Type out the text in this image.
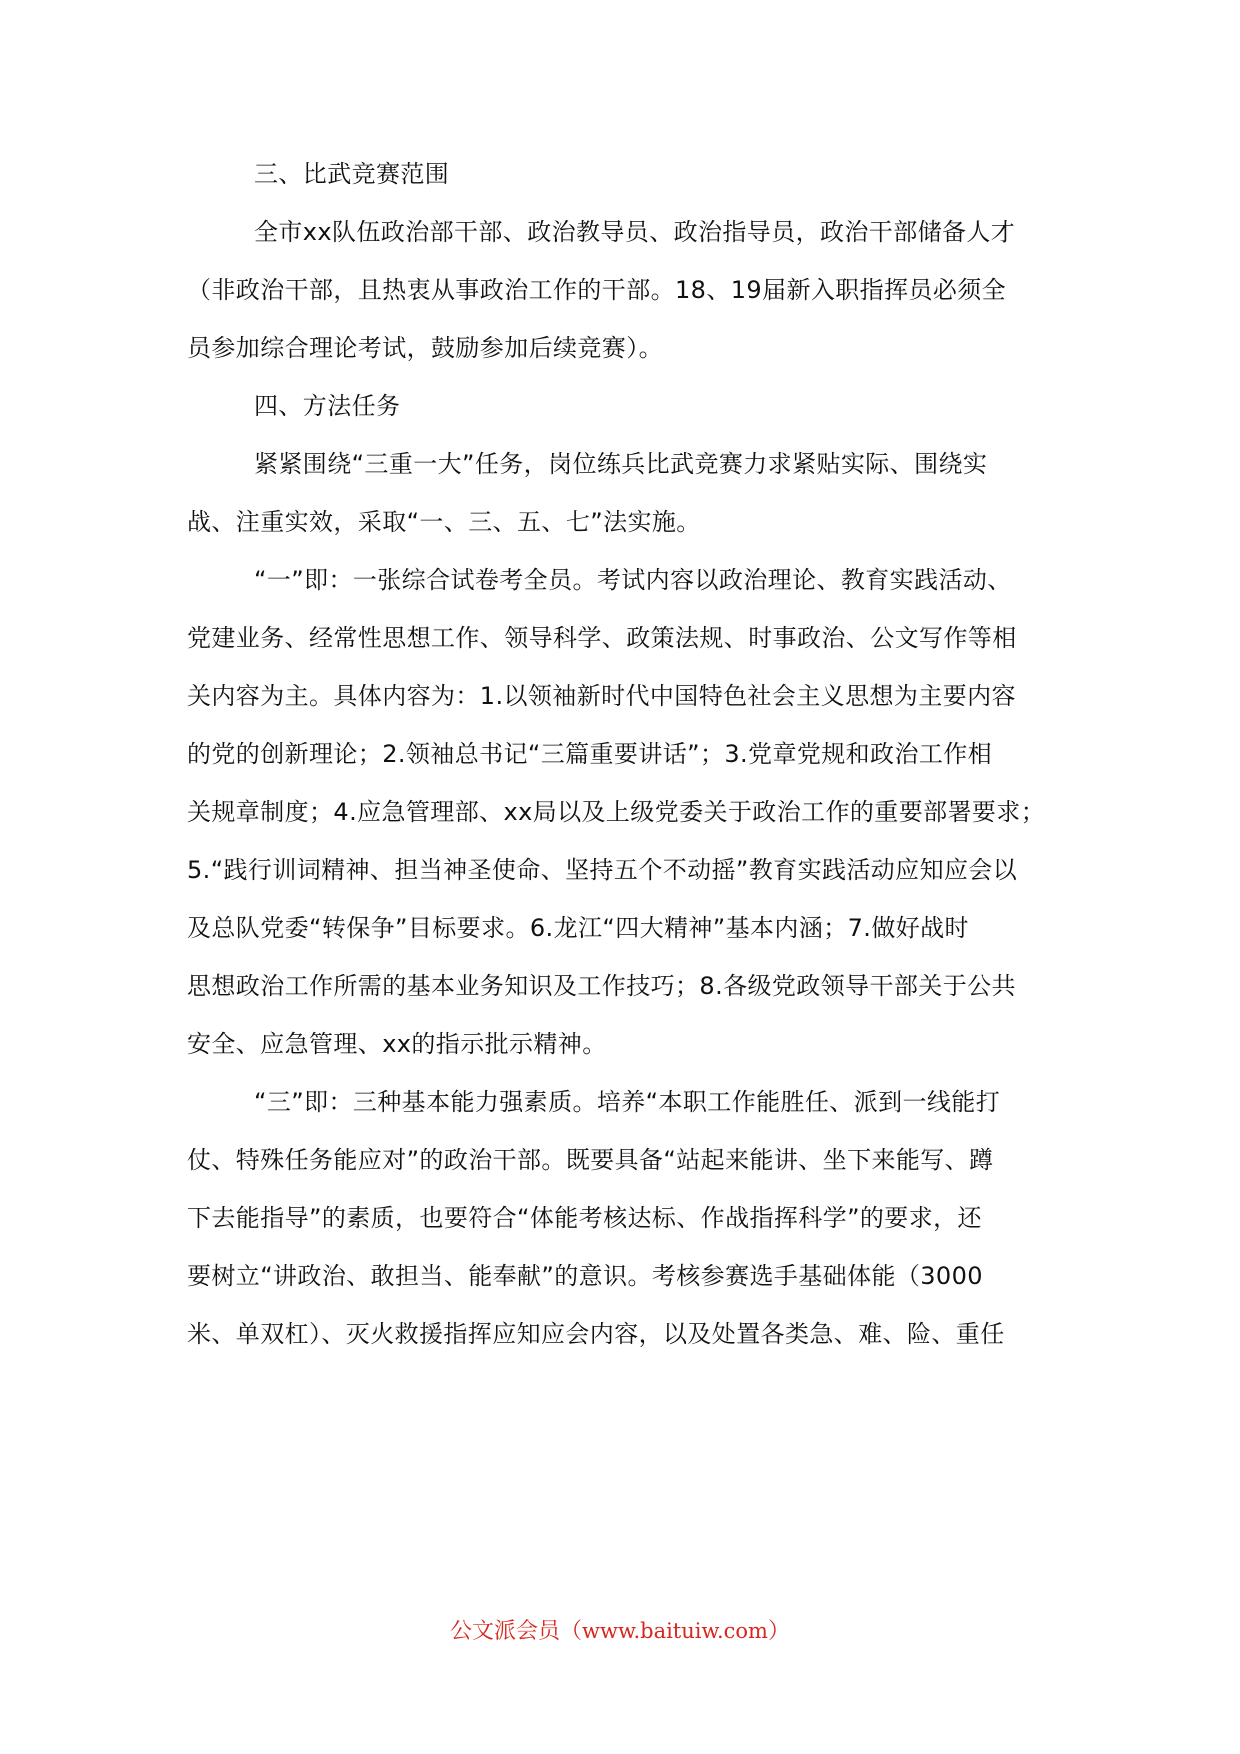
三、比武竞赛范围
全市xx队伍政治部干部、政治教导员、政治指导员，政治干部储备人才
（非政治干部，且热衷从事政治工作的干部。18、19届新入职指挥员必须全
员参加综合理论考试，鼓励参加后续竞赛）。
四、方法任务
紧紧围绕“三重一大”任务，岗位练兵比武竞赛力求紧贴实际、围绕实
战、注重实效，采取“一、三、五、七”法实施。
“一”即：一张综合试卷考全员。考试内容以政治理论、教育实践活动、
党建业务、经常性思想工作、领导科学、政策法规、时事政治、公文写作等相
关内容为主。具体内容为：1.以领袖新时代中国特色社会主义思想为主要内容
的党的创新理论；2.领袖总书记“三篇重要讲话”；3.党章党规和政治工作相
关规章制度；4.应急管理部、xx局以及上级党委关于政治工作的重要部署要求；
5.“践行训词精神、担当神圣使命、坚持五个不动摇”教育实践活动应知应会以
及总队党委“转保争”目标要求。6.龙江“四大精神”基本内涵；7.做好战时
思想政治工作所需的基本业务知识及工作技巧；8.各级党政领导干部关于公共
安全、应急管理、xx的指示批示精神。
“三”即：三种基本能力强素质。培养“本职工作能胜任、派到一线能打
仗、特殊任务能应对”的政治干部。既要具备“站起来能讲、坐下来能写、蹲
下去能指导”的素质，也要符合“体能考核达标、作战指挥科学”的要求，还
要树立“讲政治、敢担当、能奉献”的意识。考核参赛选手基础体能（3000
米、单双杠）、灭火救援指挥应知应会内容，以及处置各类急、难、险、重任
公文派会员（www.baituiw.com）
